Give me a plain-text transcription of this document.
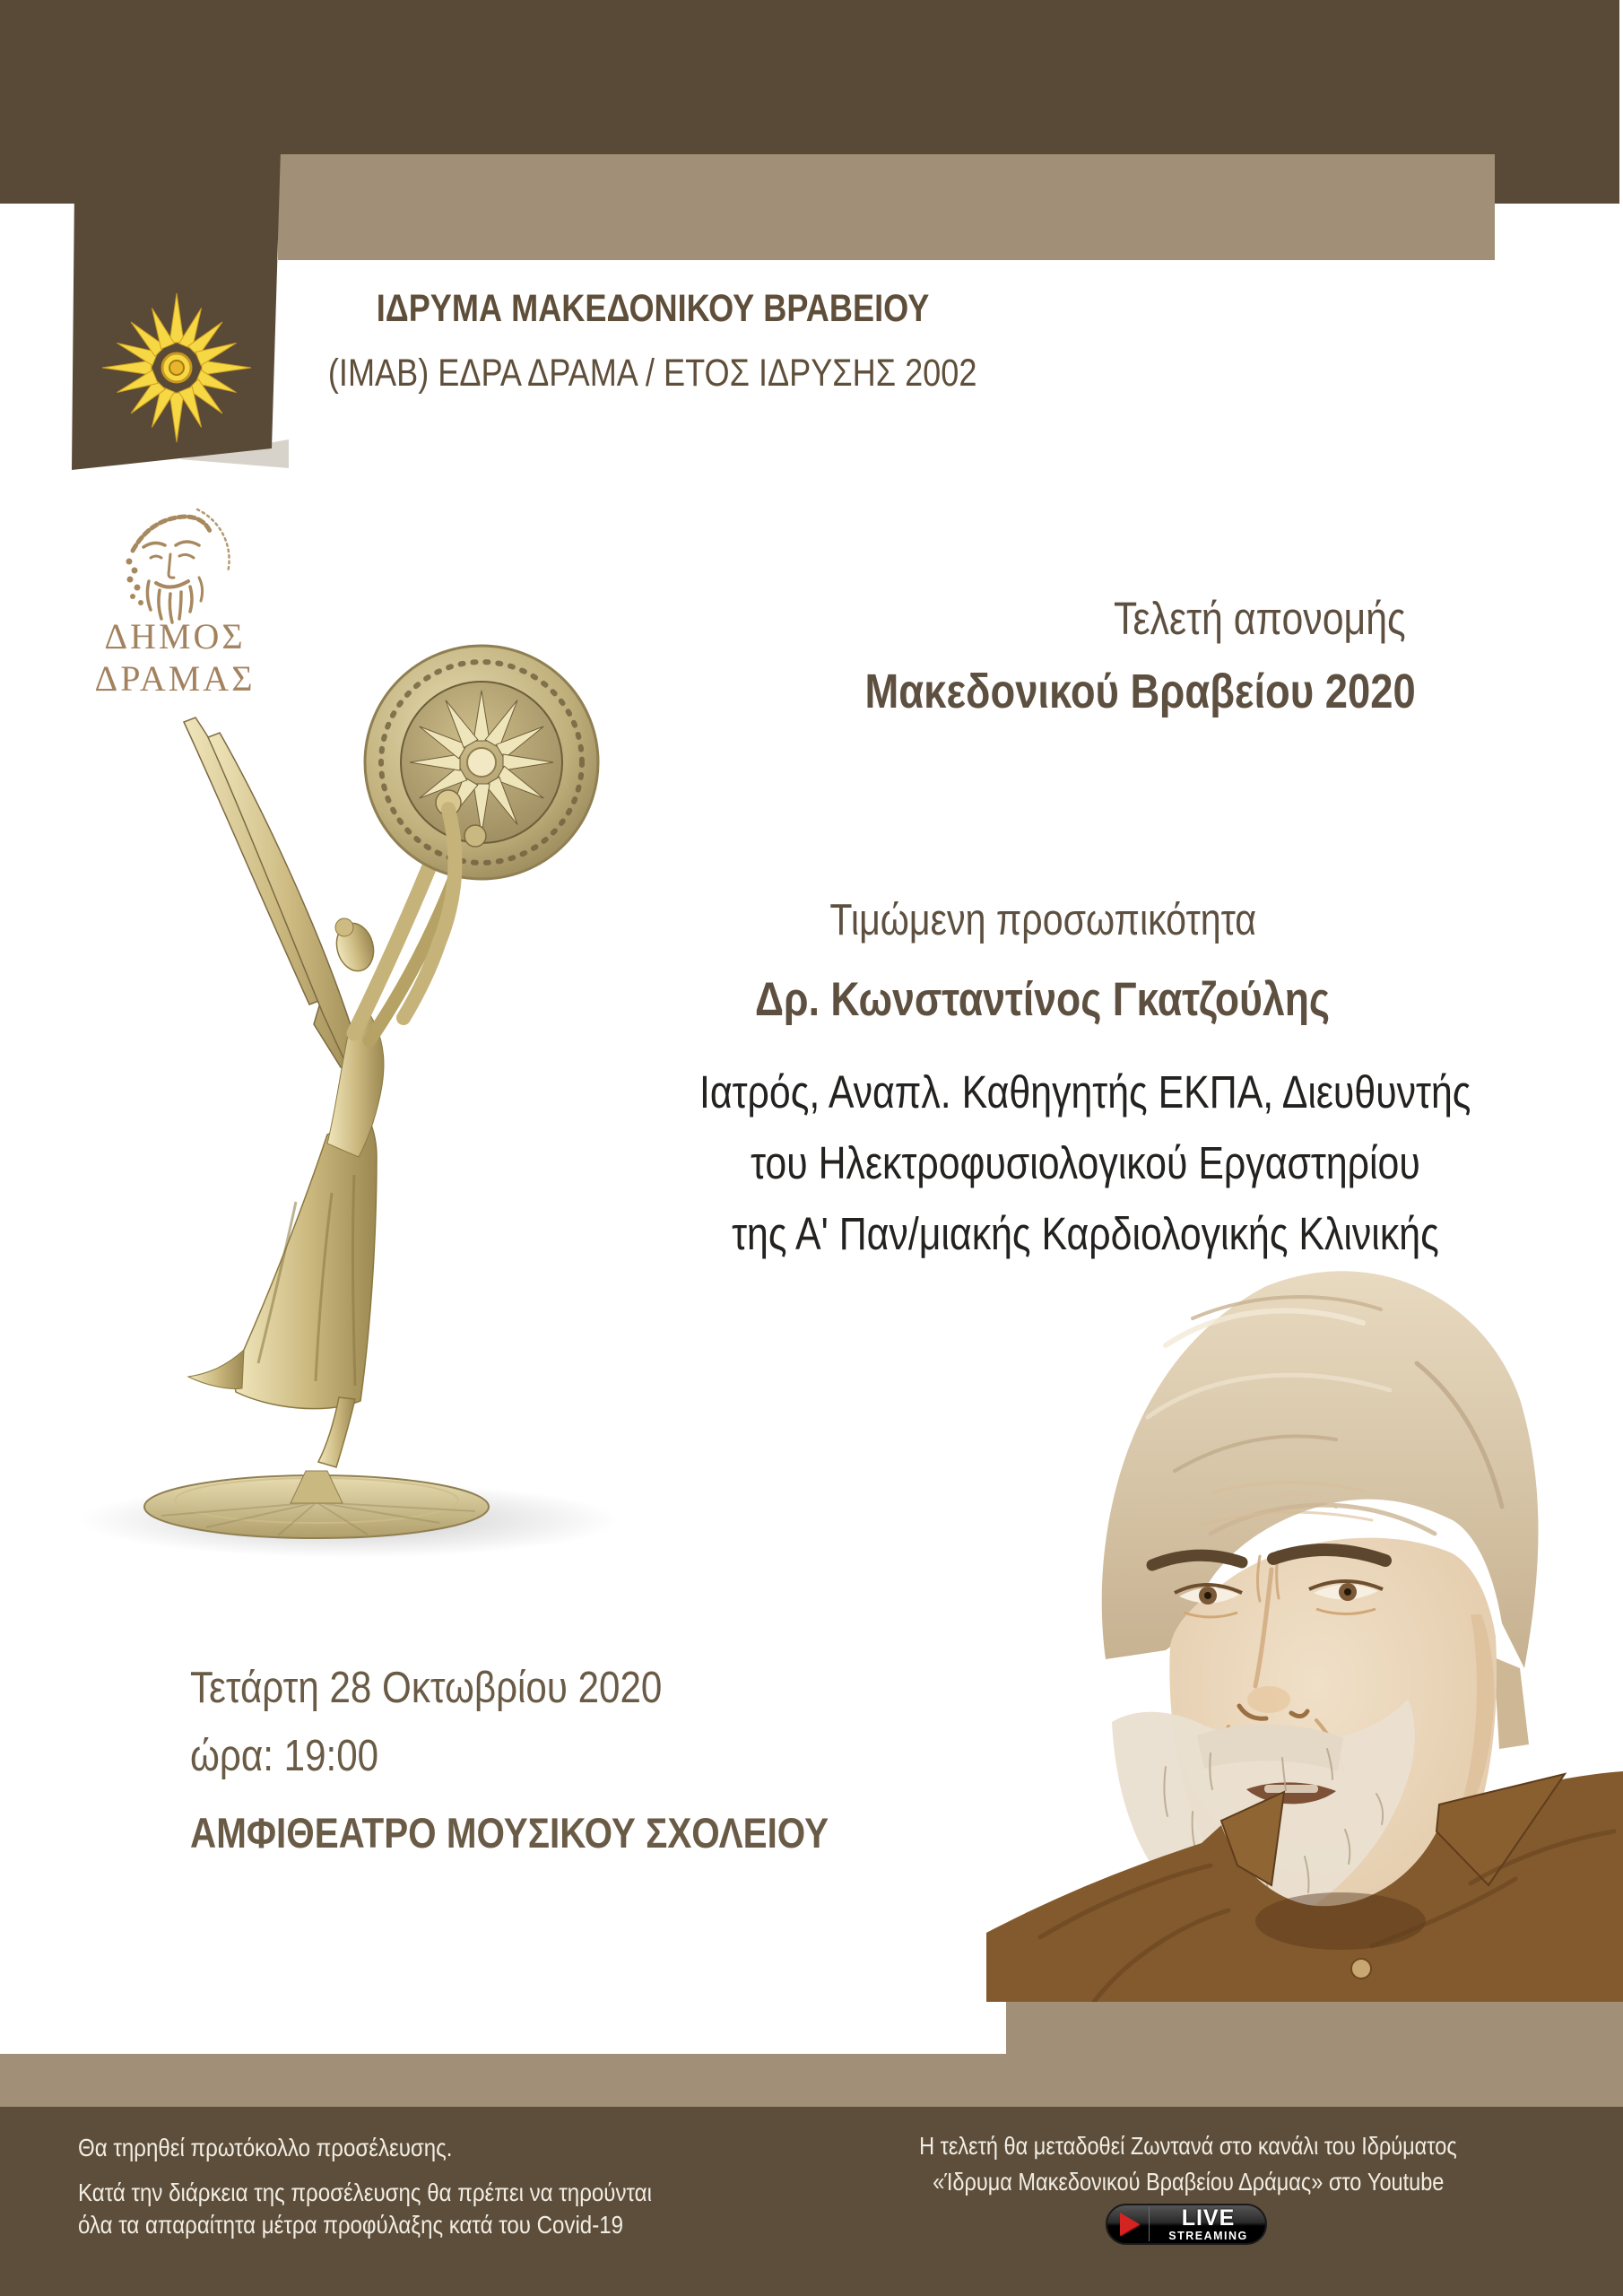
ΙΔΡΥΜΑ ΜΑΚΕΔΟΝΙΚΟΥ ΒΡΑΒΕΙΟΥ
(ΙΜΑΒ) ΕΔΡΑ ΔΡΑΜΑ / ΕΤΟΣ ΙΔΡΥΣΗΣ 2002
ΔΗΜΟΣ ΔΡΑΜΑΣ
Τελετή απονομής
Μακεδονικού Βραβείου 2020
Τιμώμενη προσωπικότητα
Δρ. Κωνσταντίνος Γκατζούλης
Ιατρός, Αναπλ. Καθηγητής ΕΚΠΑ, Διευθυντής
του Ηλεκτροφυσιολογικού Εργαστηρίου
της Α' Παν/μιακής Καρδιολογικής Κλινικής
Τετάρτη 28 Οκτωβρίου 2020
ώρα: 19:00
ΑΜΦΙΘΕΑΤΡΟ ΜΟΥΣΙΚΟΥ ΣΧΟΛΕΙΟΥ
Θα τηρηθεί πρωτόκολλο προσέλευσης.
Κατά την διάρκεια της προσέλευσης θα πρέπει να τηρούνται
όλα τα απαραίτητα μέτρα προφύλαξης κατά του Covid-19
Η τελετή θα μεταδοθεί Ζωντανά στο κανάλι του Ιδρύματος
«Ίδρυμα Μακεδονικού Βραβείου Δράμας» στο Youtube
LIVE
STREAMING
